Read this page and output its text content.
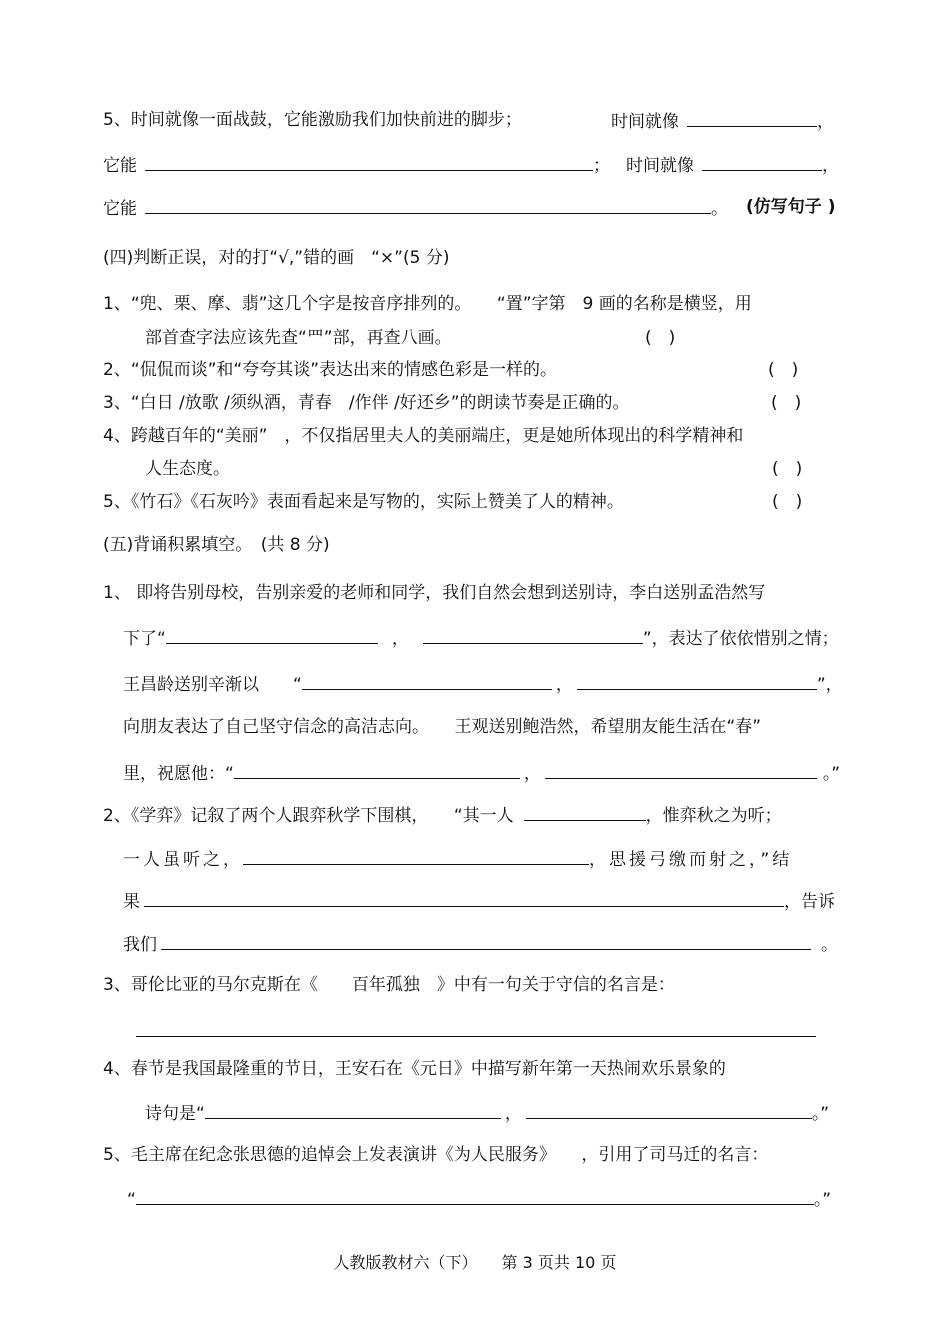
5、时间就像一面战鼓，它能激励我们加快前进的脚步；	时间就像	，
它能	； 时间就像	，
它能	。 (仿写句子 )
(四)判断正误，对的打“√,”错的画　“×”(5 分)
1、“兜、栗、摩、翡”这几个字是按音序排列的。　　“置”字第　9 画的名称是横竖，用
部首查字法应该先查“罒”部，再查八画。	(　)
2、“侃侃而谈”和“夸夸其谈”表达出来的情感色彩是一样的。	(　)
3、“白日 /放歌 /须纵酒，青春　/作伴 /好还乡”的朗读节奏是正确的。	(　)
4、跨越百年的“美丽”　，不仅指居里夫人的美丽端庄，更是她所体现出的科学精神和
人生态度。	(　)
5、《竹石》《石灰吟》表面看起来是写物的，实际上赞美了人的精神。	(　)
(五)背诵积累填空。　(共 8 分)
1、 即将告别母校，告别亲爱的老师和同学，我们自然会想到送别诗，李白送别孟浩然写
下了“	，	”，表达了依依惜别之情；
王昌龄送别辛渐以　　“	，	”，
向朋友表达了自己坚守信念的高洁志向。　　王观送别鲍浩然，希望朋友能生活在“春”
里，祝愿他：“	，	。”
2、《学弈》记叙了两个人跟弈秋学下围棋，　　“其一人	，惟弈秋之为听；
一人虽听之，	，思援弓缴而射之，”结
果	，告诉
我们	。
3、哥伦比亚的马尔克斯在《　　百年孤独　》中有一句关于守信的名言是：
4、春节是我国最隆重的节日，王安石在《元日》中描写新年第一天热闹欢乐景象的
诗句是“	，	。”
5、毛主席在纪念张思德的追悼会上发表演讲《为人民服务》　　，引用了司马迁的名言：
“	。”
人教版教材六（下）　　第 3 页共 10 页
